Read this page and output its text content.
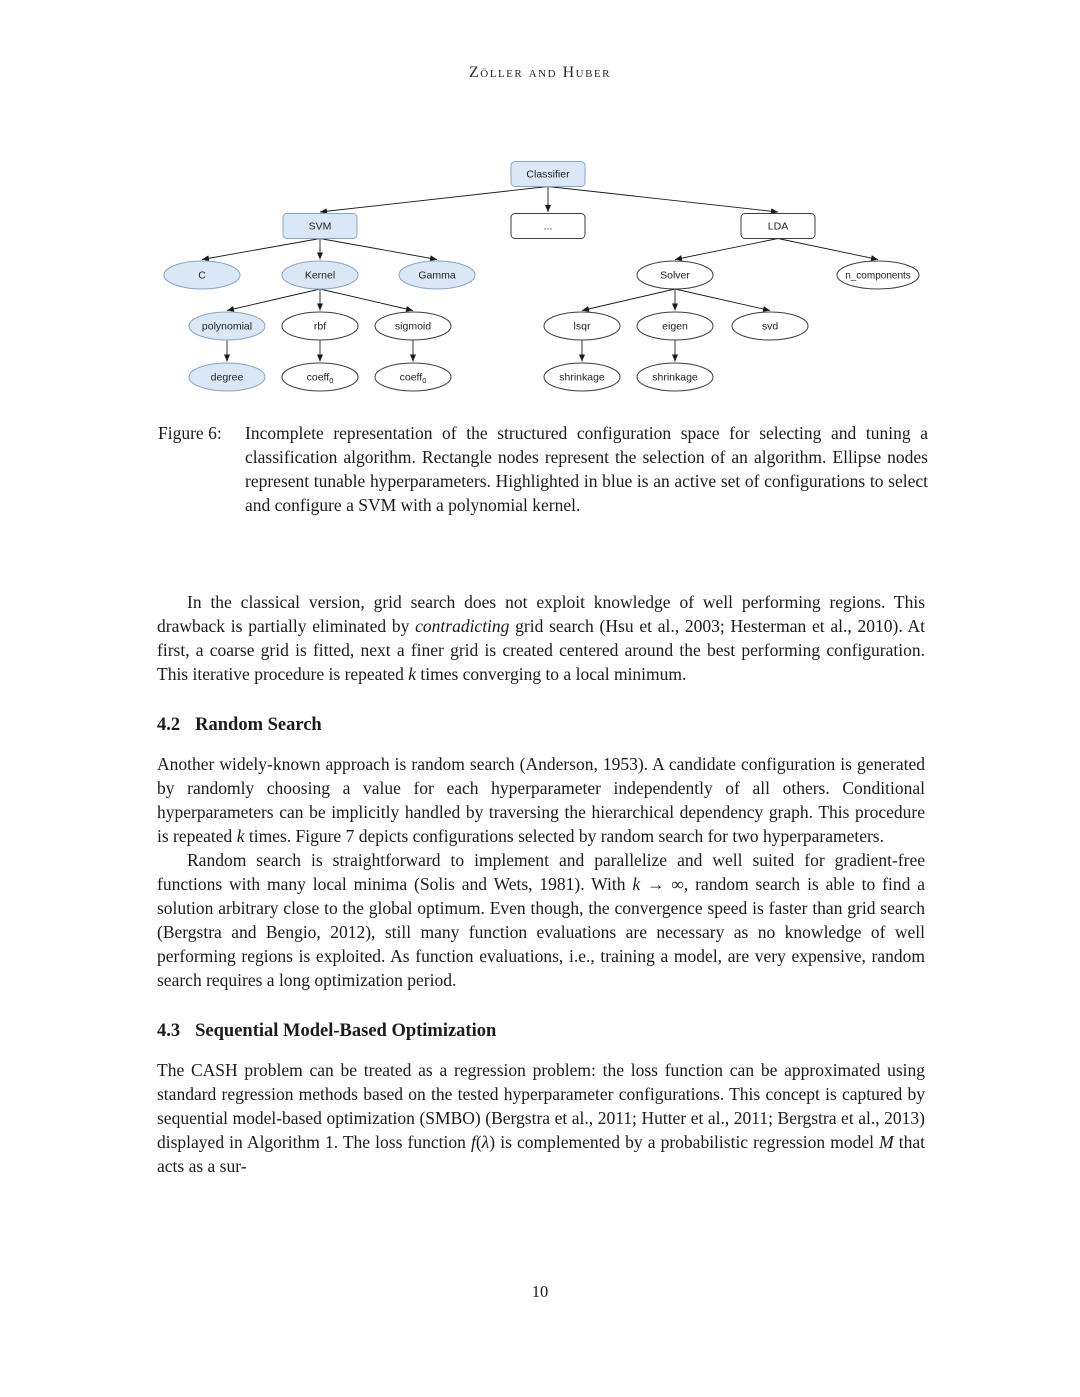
Zöller and Huber
Classifier
SVM	...	LDA
C	Kernel	Gamma	Solver	n_components
polynomial	rbf	sigmoid	lsqr	eigen	svd
degree	coeff$_0$	coeff$_0$	shrinkage	shrinkage
Figure 6:	Incomplete representation of the structured configuration space for selecting and tuning a classification algorithm. Rectangle nodes represent the selection of an algorithm. Ellipse nodes represent tunable hyperparameters. Highlighted in blue is an active set of configurations to select and configure a SVM with a polynomial kernel.

In the classical version, grid search does not exploit knowledge of well performing regions. This drawback is partially eliminated by contradicting grid search (Hsu et al., 2003; Hesterman et al., 2010). At first, a coarse grid is fitted, next a finer grid is created centered around the best performing configuration. This iterative procedure is repeated k times converging to a local minimum.

4.2 Random Search

Another widely-known approach is random search (Anderson, 1953). A candidate configuration is generated by randomly choosing a value for each hyperparameter independently of all others. Conditional hyperparameters can be implicitly handled by traversing the hierarchical dependency graph. This procedure is repeated k times. Figure 7 depicts configurations selected by random search for two hyperparameters.

Random search is straightforward to implement and parallelize and well suited for gradient-free functions with many local minima (Solis and Wets, 1981). With k → ∞, random search is able to find a solution arbitrary close to the global optimum. Even though, the convergence speed is faster than grid search (Bergstra and Bengio, 2012), still many function evaluations are necessary as no knowledge of well performing regions is exploited. As function evaluations, i.e., training a model, are very expensive, random search requires a long optimization period.

4.3 Sequential Model-Based Optimization

The CASH problem can be treated as a regression problem: the loss function can be approximated using standard regression methods based on the tested hyperparameter configurations. This concept is captured by sequential model-based optimization (SMBO) (Bergstra et al., 2011; Hutter et al., 2011; Bergstra et al., 2013) displayed in Algorithm 1. The loss function f(λ) is complemented by a probabilistic regression model M that acts as a sur-

10
